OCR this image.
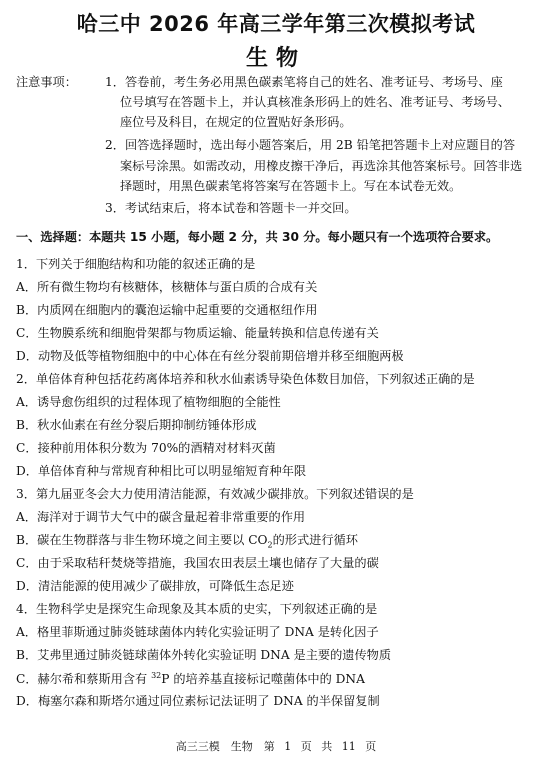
哈三中 2026 年高三学年第三次模拟考试
生物
注意事项： 1．答卷前，考生务必用黑色碳素笔将自己的姓名、准考证号、考场号、座
位号填写在答题卡上，并认真核准条形码上的姓名、准考证号、考场号、
座位号及科目，在规定的位置贴好条形码。
2．回答选择题时，选出每小题答案后，用 2B 铅笔把答题卡上对应题目的答
案标号涂黑。如需改动，用橡皮擦干净后，再选涂其他答案标号。回答非选
择题时，用黑色碳素笔将答案写在答题卡上。写在本试卷无效。
3．考试结束后，将本试卷和答题卡一并交回。
一、选择题：本题共 15 小题，每小题 2 分，共 30 分。每小题只有一个选项符合要求。
1．下列关于细胞结构和功能的叙述正确的是
A．所有微生物均有核糖体，核糖体与蛋白质的合成有关
B．内质网在细胞内的囊泡运输中起重要的交通枢纽作用
C．生物膜系统和细胞骨架都与物质运输、能量转换和信息传递有关
D．动物及低等植物细胞中的中心体在有丝分裂前期倍增并移至细胞两极
2．单倍体育种包括花药离体培养和秋水仙素诱导染色体数目加倍，下列叙述正确的是
A．诱导愈伤组织的过程体现了植物细胞的全能性
B．秋水仙素在有丝分裂后期抑制纺锤体形成
C．接种前用体积分数为 70%的酒精对材料灭菌
D．单倍体育种与常规育种相比可以明显缩短育种年限
3．第九届亚冬会大力使用清洁能源，有效减少碳排放。下列叙述错误的是
A．海洋对于调节大气中的碳含量起着非常重要的作用
B．碳在生物群落与非生物环境之间主要以 $CO_2$的形式进行循环
C．由于采取秸秆焚烧等措施，我国农田表层土壤也储存了大量的碳
D．清洁能源的使用减少了碳排放，可降低生态足迹
4．生物科学史是探究生命现象及其本质的史实，下列叙述正确的是
A．格里菲斯通过肺炎链球菌体内转化实验证明了 DNA 是转化因子
B．艾弗里通过肺炎链球菌体外转化实验证明 DNA 是主要的遗传物质
C．赫尔希和蔡斯用含有 $^{32}$P 的培养基直接标记噬菌体中的 DNA
D．梅塞尔森和斯塔尔通过同位素标记法证明了 DNA 的半保留复制
高三三模　生物　第 1 页 共 11 页
